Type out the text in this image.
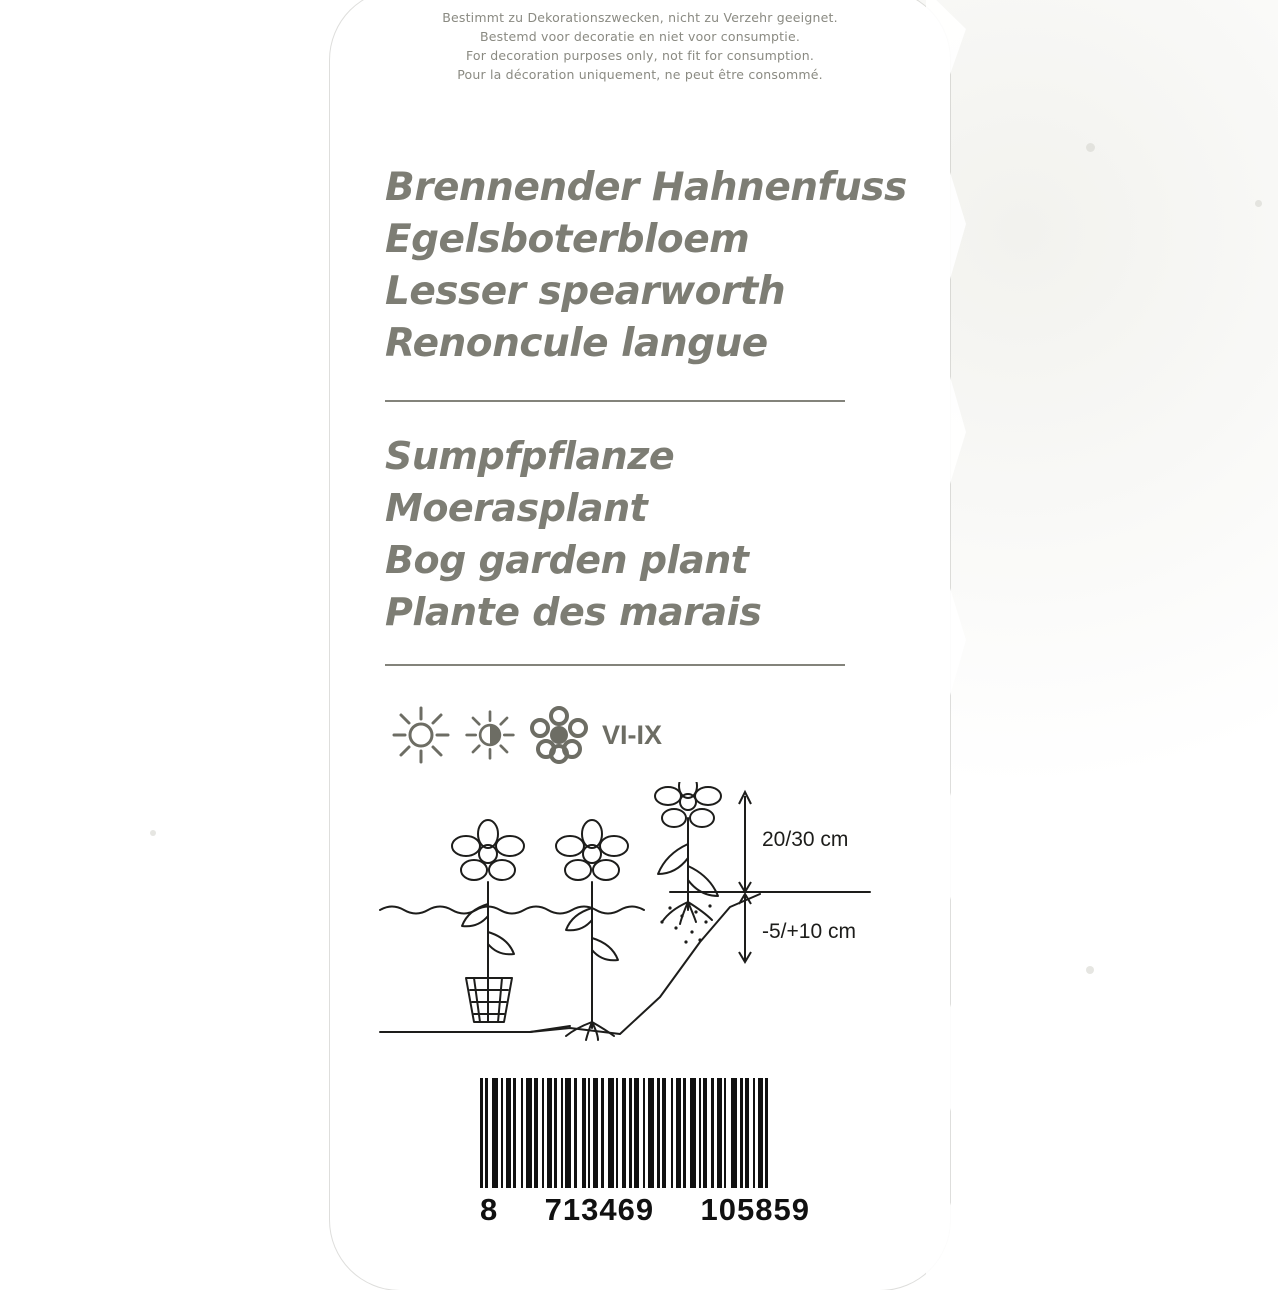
Bestimmt zu Dekorationszwecken, nicht zu Verzehr geeignet.
Bestemd voor decoratie en niet voor consumptie.
For decoration purposes only, not fit for consumption.
Pour la décoration uniquement, ne peut être consommé.
Brennender Hahnenfuss
Egelsboterbloem
Lesser spearworth
Renoncule langue
Sumpfpflanze
Moerasplant
Bog garden plant
Plante des marais
VI-IX
20/30 cm
-5/+10 cm
8 713469 105859
